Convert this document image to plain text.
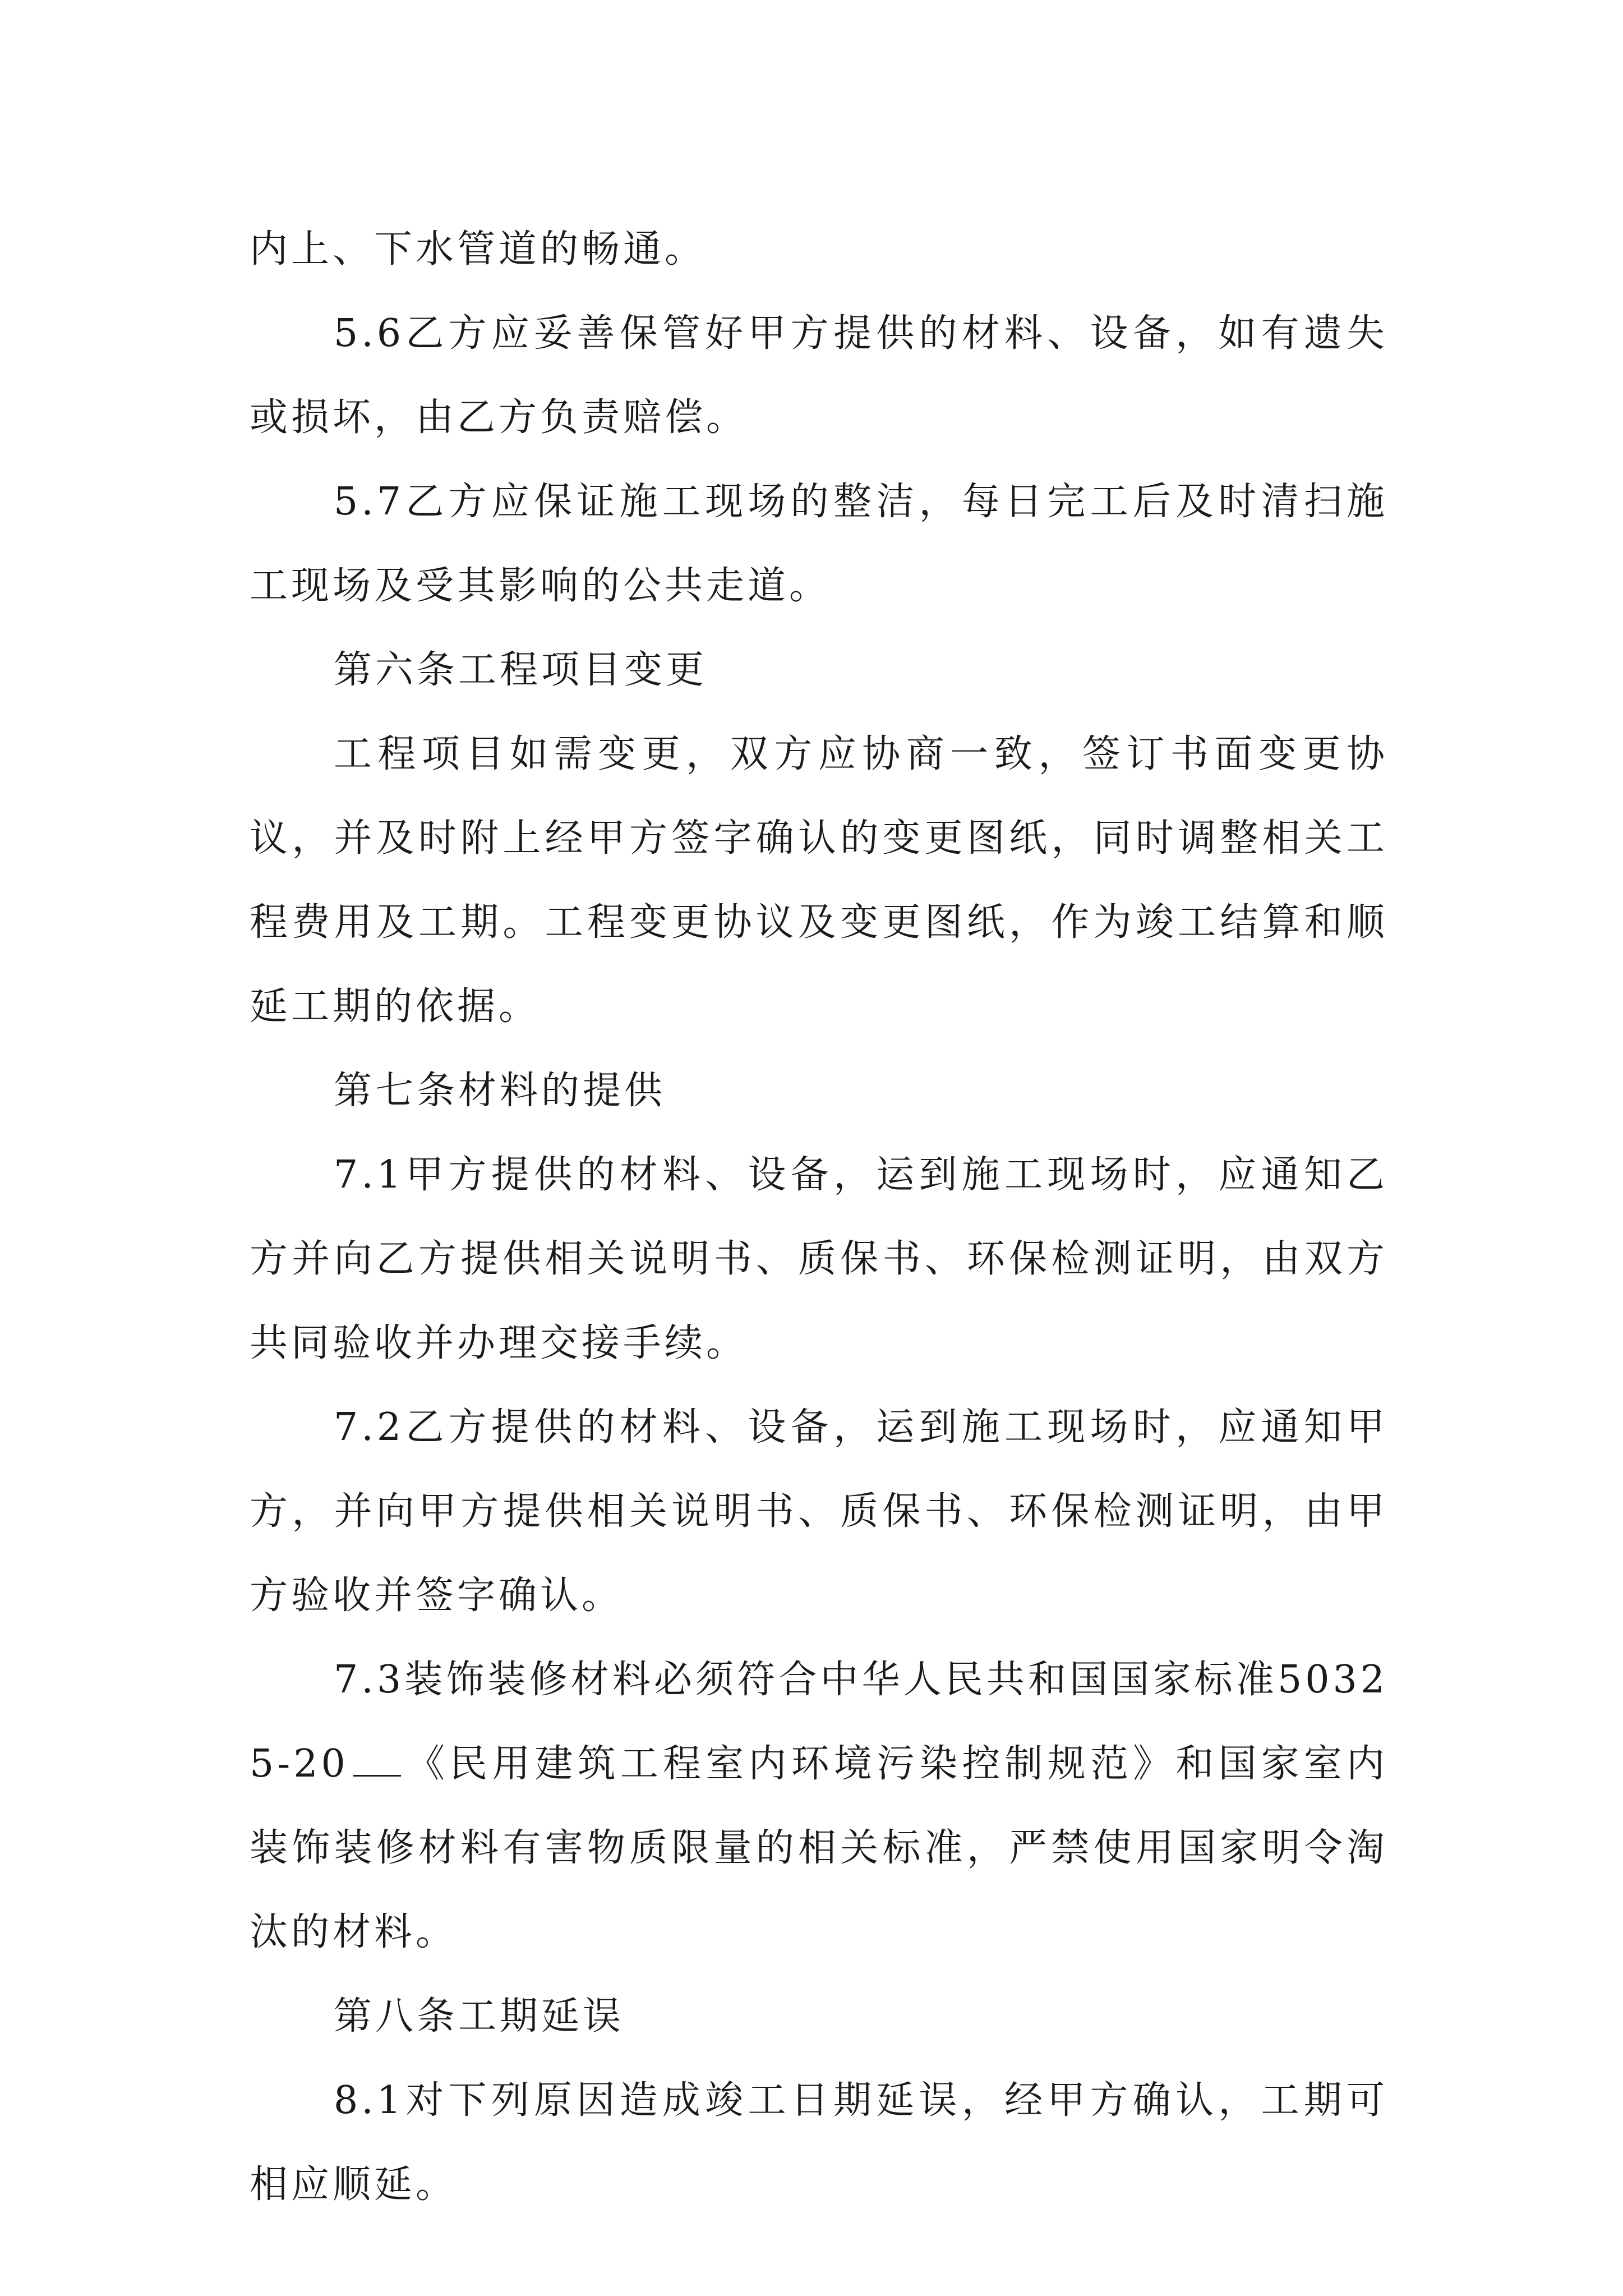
内上、下水管道的畅通。

5.6乙方应妥善保管好甲方提供的材料、设备，如有遗失或损坏，由乙方负责赔偿。

5.7乙方应保证施工现场的整洁，每日完工后及时清扫施工现场及受其影响的公共走道。

第六条工程项目变更

工程项目如需变更，双方应协商一致，签订书面变更协议，并及时附上经甲方签字确认的变更图纸，同时调整相关工程费用及工期。工程变更协议及变更图纸，作为竣工结算和顺延工期的依据。

第七条材料的提供

7.1甲方提供的材料、设备，运到施工现场时，应通知乙方并向乙方提供相关说明书、质保书、环保检测证明，由双方共同验收并办理交接手续。

7.2乙方提供的材料、设备，运到施工现场时，应通知甲方，并向甲方提供相关说明书、质保书、环保检测证明，由甲方验收并签字确认。

7.3装饰装修材料必须符合中华人民共和国国家标准50325-20 《民用建筑工程室内环境污染控制规范》和国家室内装饰装修材料有害物质限量的相关标准，严禁使用国家明令淘汰的材料。

第八条工期延误

8.1对下列原因造成竣工日期延误，经甲方确认，工期可相应顺延。
